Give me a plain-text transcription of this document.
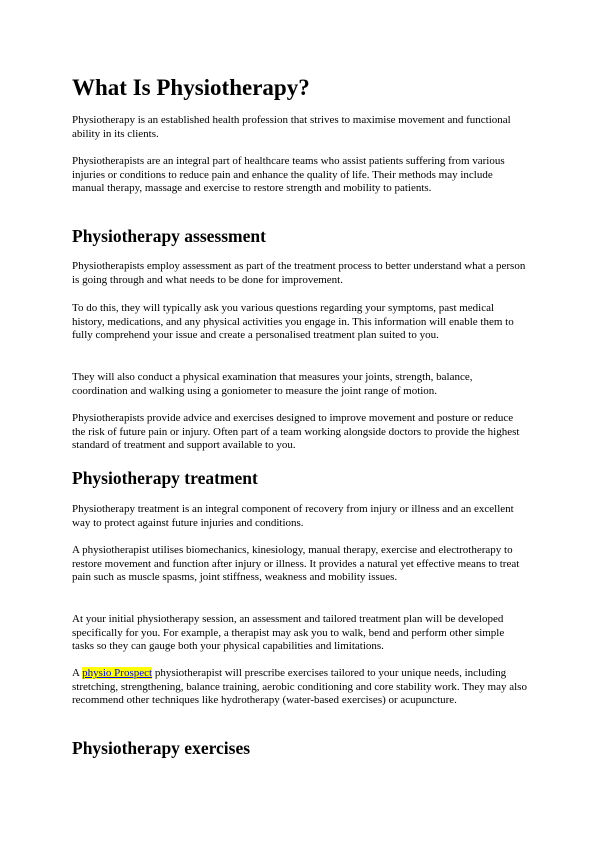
What Is Physiotherapy?

Physiotherapy is an established health profession that strives to maximise movement and functional ability in its clients.

Physiotherapists are an integral part of healthcare teams who assist patients suffering from various injuries or conditions to reduce pain and enhance the quality of life. Their methods may include manual therapy, massage and exercise to restore strength and mobility to patients.

Physiotherapy assessment

Physiotherapists employ assessment as part of the treatment process to better understand what a person is going through and what needs to be done for improvement.

To do this, they will typically ask you various questions regarding your symptoms, past medical history, medications, and any physical activities you engage in. This information will enable them to fully comprehend your issue and create a personalised treatment plan suited to you.

They will also conduct a physical examination that measures your joints, strength, balance, coordination and walking using a goniometer to measure the joint range of motion.

Physiotherapists provide advice and exercises designed to improve movement and posture or reduce the risk of future pain or injury. Often part of a team working alongside doctors to provide the highest standard of treatment and support available to you.

Physiotherapy treatment

Physiotherapy treatment is an integral component of recovery from injury or illness and an excellent way to protect against future injuries and conditions.

A physiotherapist utilises biomechanics, kinesiology, manual therapy, exercise and electrotherapy to restore movement and function after injury or illness. It provides a natural yet effective means to treat pain such as muscle spasms, joint stiffness, weakness and mobility issues.

At your initial physiotherapy session, an assessment and tailored treatment plan will be developed specifically for you. For example, a therapist may ask you to walk, bend and perform other simple tasks so they can gauge both your physical capabilities and limitations.

A physio Prospect physiotherapist will prescribe exercises tailored to your unique needs, including stretching, strengthening, balance training, aerobic conditioning and core stability work. They may also recommend other techniques like hydrotherapy (water-based exercises) or acupuncture.

Physiotherapy exercises
